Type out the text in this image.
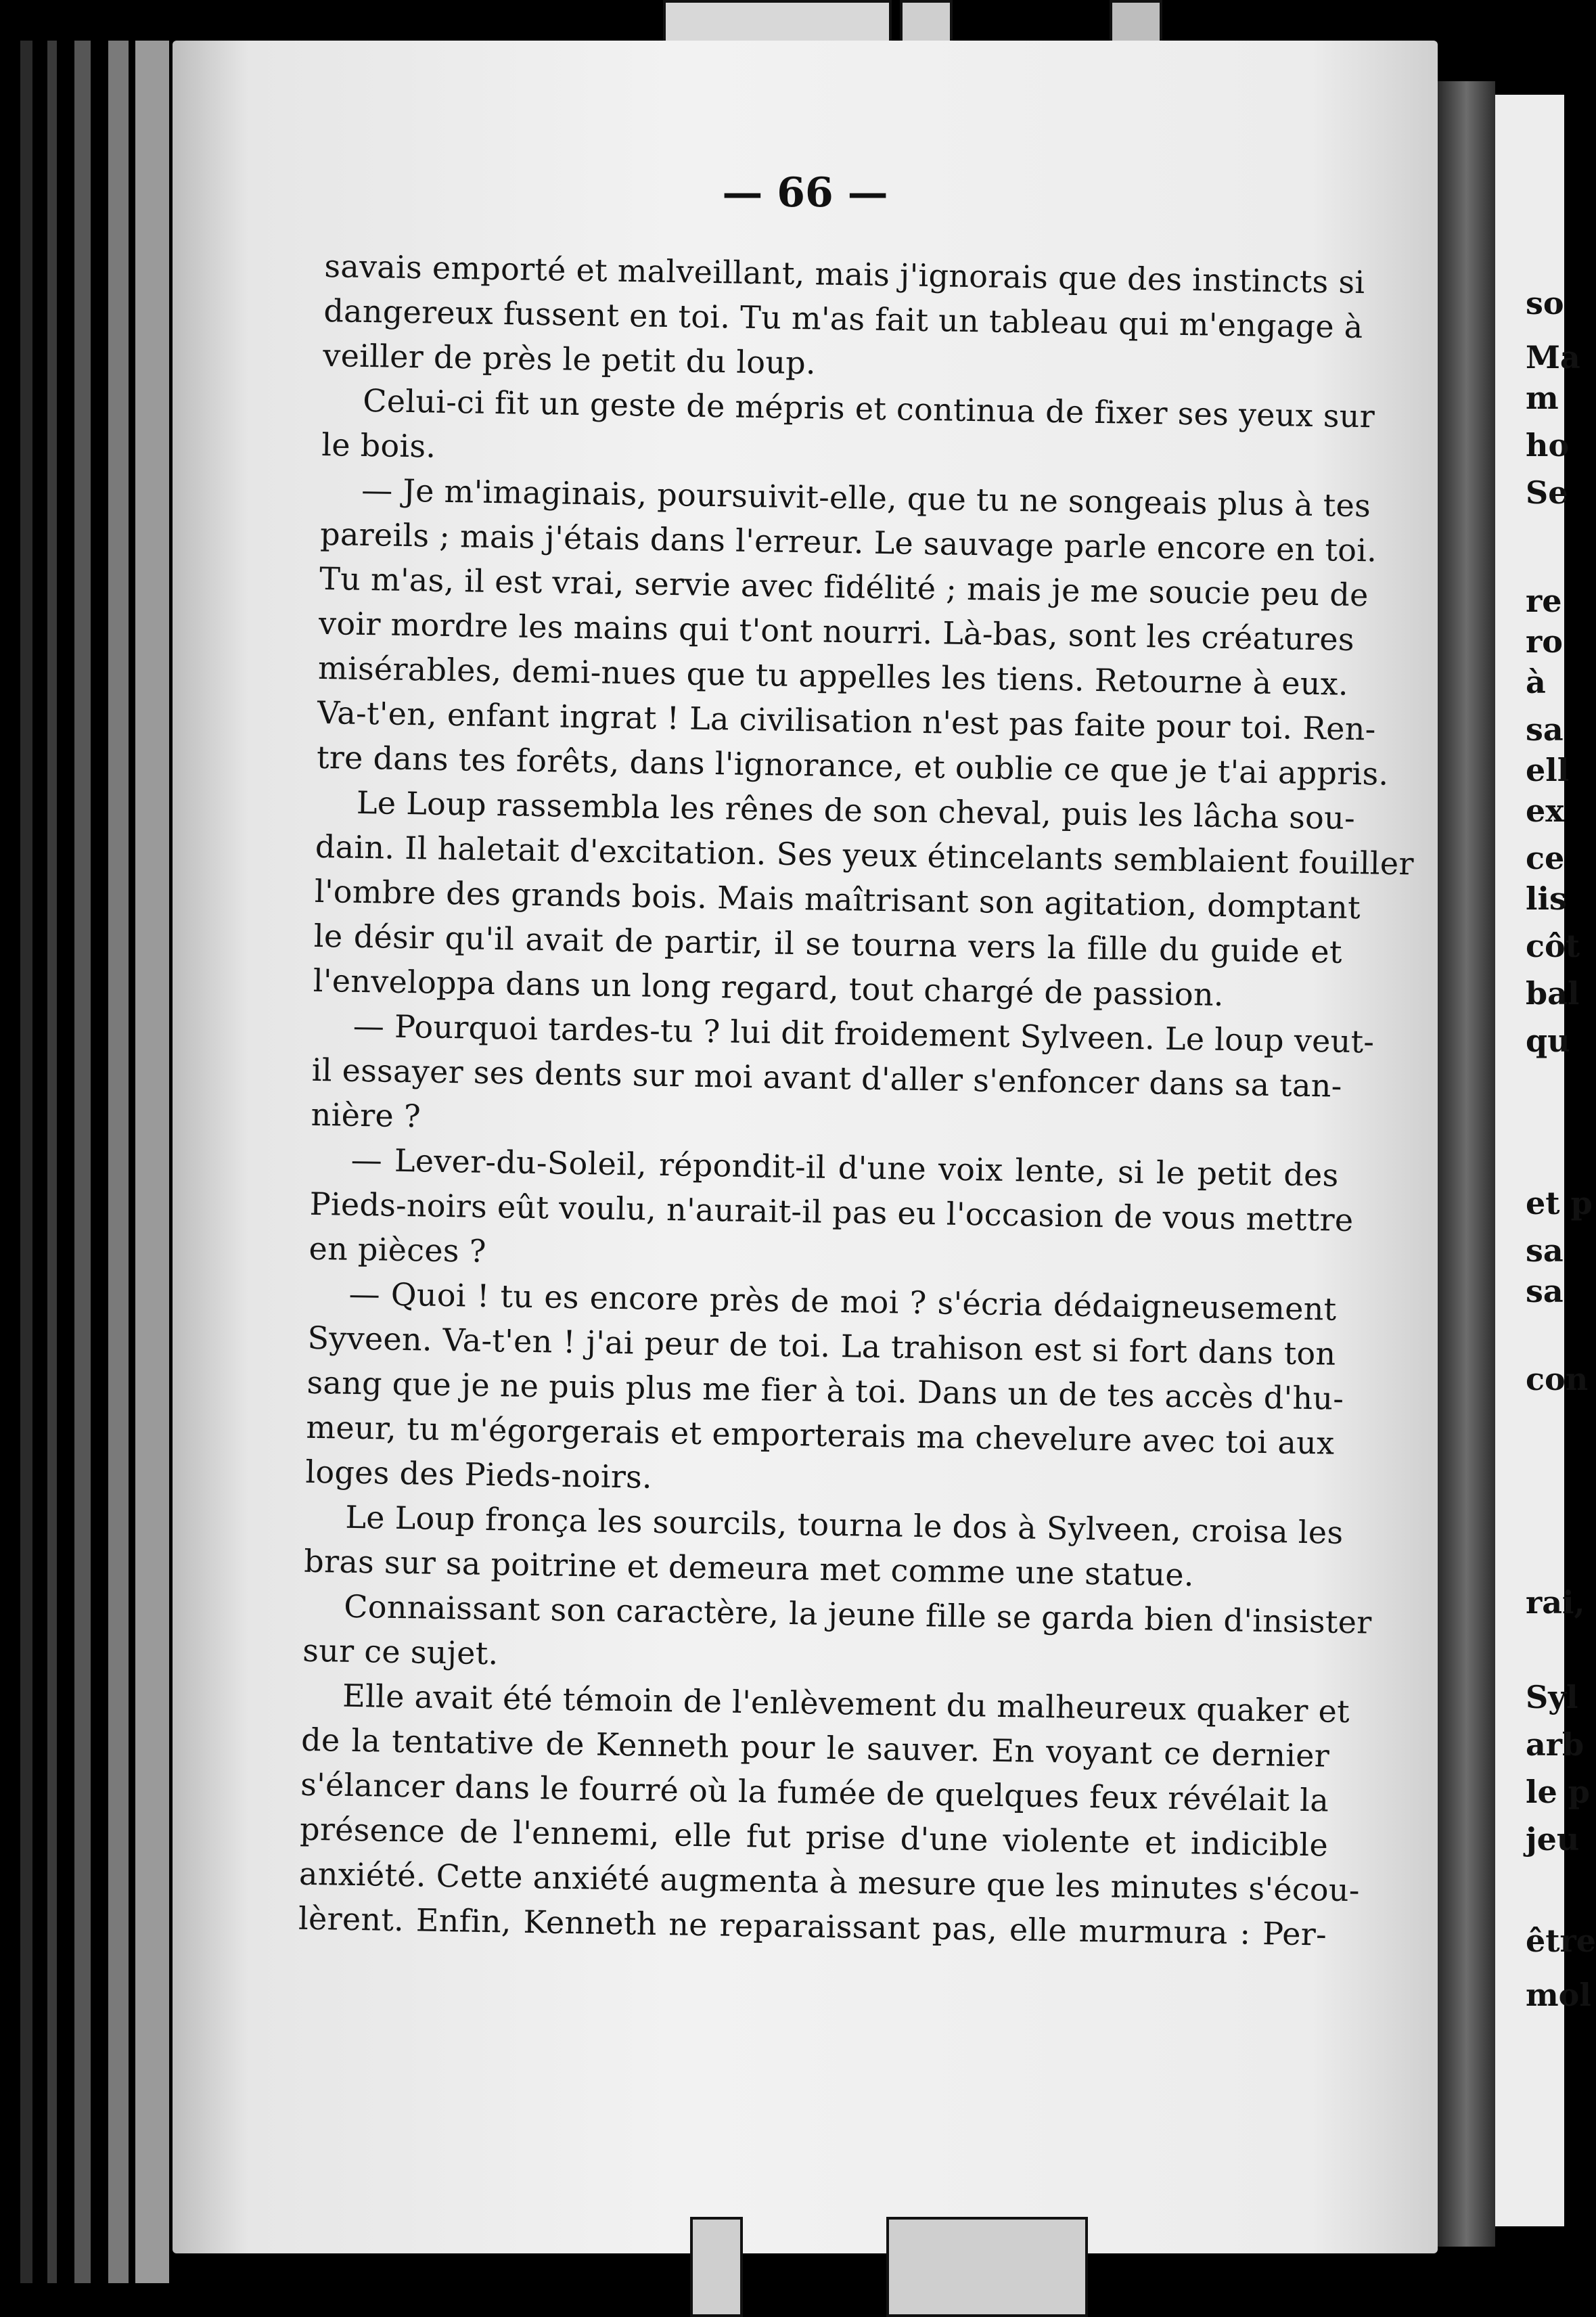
— 66 —
savais emporté et malveillant, mais j'ignorais que des instincts si
dangereux fussent en toi. Tu m'as fait un tableau qui m'engage à
veiller de près le petit du loup.
Celui-ci fit un geste de mépris et continua de fixer ses yeux sur
le bois.
— Je m'imaginais, poursuivit-elle, que tu ne songeais plus à tes
pareils ; mais j'étais dans l'erreur. Le sauvage parle encore en toi.
Tu m'as, il est vrai, servie avec fidélité ; mais je me soucie peu de
voir mordre les mains qui t'ont nourri. Là-bas, sont les créatures
misérables, demi-nues que tu appelles les tiens. Retourne à eux.
Va-t'en, enfant ingrat ! La civilisation n'est pas faite pour toi. Ren-
tre dans tes forêts, dans l'ignorance, et oublie ce que je t'ai appris.
Le Loup rassembla les rênes de son cheval, puis les lâcha sou-
dain. Il haletait d'excitation. Ses yeux étincelants semblaient fouiller
l'ombre des grands bois. Mais maîtrisant son agitation, domptant
le désir qu'il avait de partir, il se tourna vers la fille du guide et
l'enveloppa dans un long regard, tout chargé de passion.
— Pourquoi tardes-tu ? lui dit froidement Sylveen. Le loup veut-
il essayer ses dents sur moi avant d'aller s'enfoncer dans sa tan-
nière ?
— Lever-du-Soleil, répondit-il d'une voix lente, si le petit des
Pieds-noirs eût voulu, n'aurait-il pas eu l'occasion de vous mettre
en pièces ?
— Quoi ! tu es encore près de moi ? s'écria dédaigneusement
Syveen. Va-t'en ! j'ai peur de toi. La trahison est si fort dans ton
sang que je ne puis plus me fier à toi. Dans un de tes accès d'hu-
meur, tu m'égorgerais et emporterais ma chevelure avec toi aux
loges des Pieds-noirs.
Le Loup fronça les sourcils, tourna le dos à Sylveen, croisa les
bras sur sa poitrine et demeura met comme une statue.
Connaissant son caractère, la jeune fille se garda bien d'insister
sur ce sujet.
Elle avait été témoin de l'enlèvement du malheureux quaker et
de la tentative de Kenneth pour le sauver. En voyant ce dernier
s'élancer dans le fourré où la fumée de quelques feux révélait la
présence de l'ennemi, elle fut prise d'une violente et indicible
anxiété. Cette anxiété augmenta à mesure que les minutes s'écou-
lèrent. Enfin, Kenneth ne reparaissant pas, elle murmura : Per-
so
Ma
m
ho
Se
re
ro
à
sa
ell
ex
ce
lis
côt
bal
qu
et p
sa
sa
con
rai,
Syl
arb
le p
jeu
être
mol
